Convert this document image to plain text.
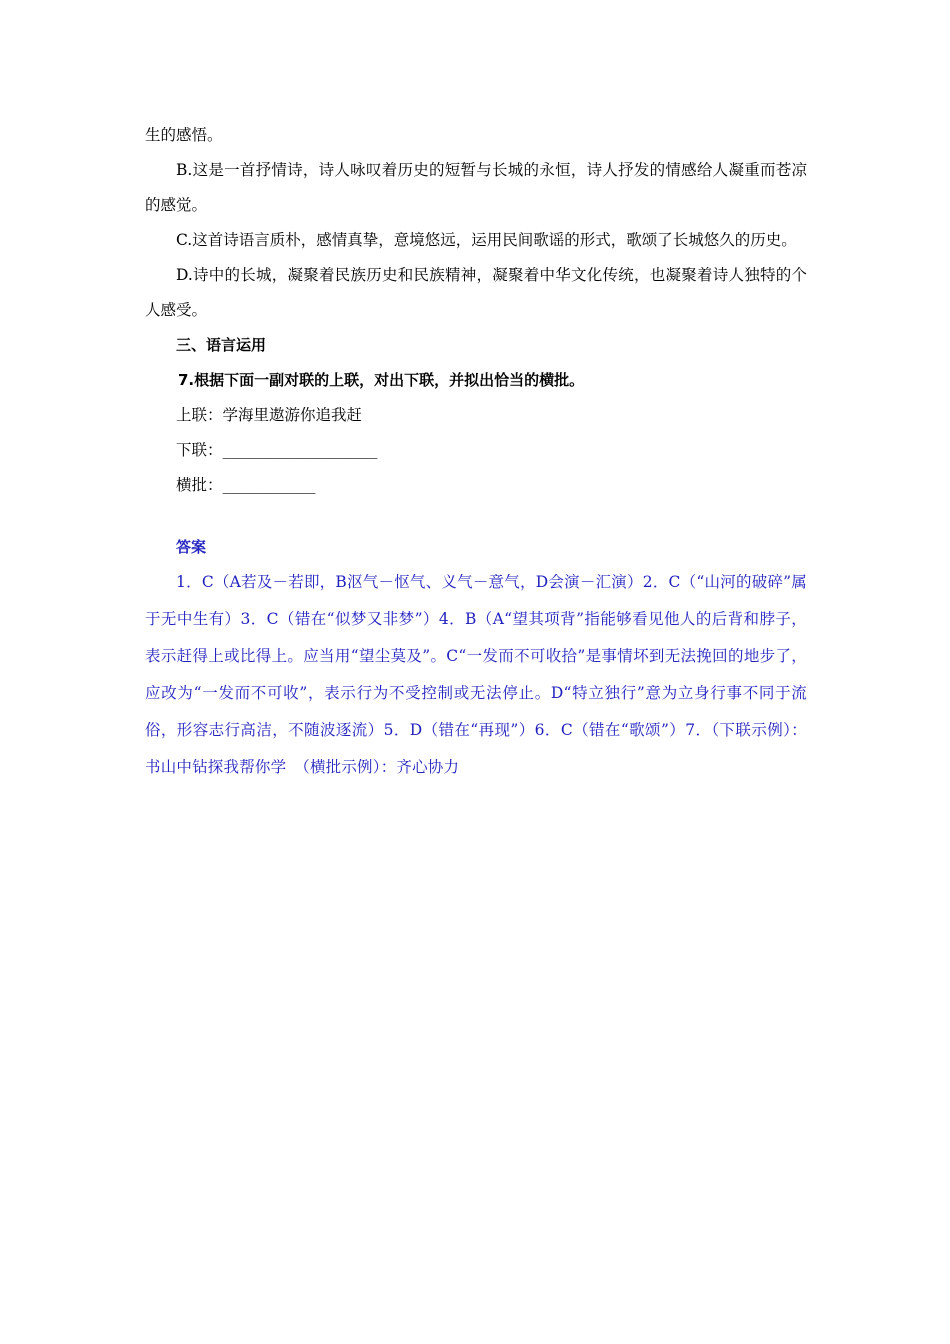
生的感悟。

B.这是一首抒情诗，诗人咏叹着历史的短暂与长城的永恒，诗人抒发的情感给人凝重而苍凉的感觉。

C.这首诗语言质朴，感情真挚，意境悠远，运用民间歌谣的形式，歌颂了长城悠久的历史。

D.诗中的长城，凝聚着民族历史和民族精神，凝聚着中华文化传统，也凝聚着诗人独特的个人感受。

三、语言运用

7.根据下面一副对联的上联，对出下联，并拟出恰当的横批。

上联：学海里遨游你追我赶

下联：____________________

横批：____________

答案

1．C（A若及－若即，B沤气－怄气、义气－意气，D会演－汇演）2．C（“山河的破碎”属于无中生有）3．C（错在“似梦又非梦”）4．B（A“望其项背”指能够看见他人的后背和脖子，表示赶得上或比得上。应当用“望尘莫及”。C“一发而不可收拾”是事情坏到无法挽回的地步了，应改为“一发而不可收”，表示行为不受控制或无法停止。D“特立独行”意为立身行事不同于流俗，形容志行高洁，不随波逐流）5．D（错在“再现”）6．C（错在“歌颂”）7．（下联示例）：书山中钻探我帮你学　（横批示例）：齐心协力
